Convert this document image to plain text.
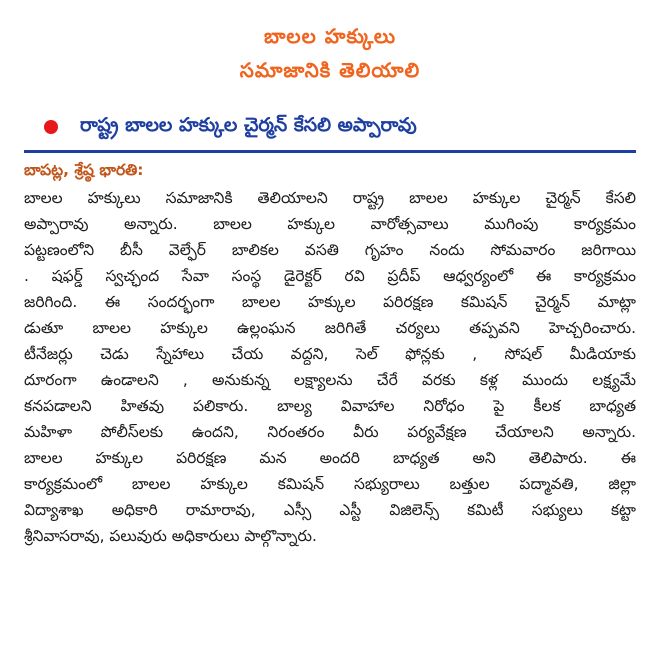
బాలల హక్కులు
సమాజానికి తెలియాలి
రాష్ట్ర బాలల హక్కుల చైర్మన్ కేసలి అప్పారావు
బాపట్ల, శ్రేష్ఠ భారతి:
బాలల హక్కులు సమాజానికి తెలియాలని రాష్ట్ర బాలల హక్కుల చైర్మన్ కేసలి
అప్పారావు అన్నారు. బాలల హక్కుల వారోత్సవాలు ముగింపు కార్యక్రమం
పట్టణంలోని బీసీ వెల్ఫేర్ బాలికల వసతి గృహం నందు సోమవారం జరిగాయి
. షఫర్డ్ స్వచ్ఛంద సేవా సంస్థ డైరెక్టర్ రవి ప్రదీప్ ఆధ్వర్యంలో ఈ కార్యక్రమం
జరిగింది. ఈ సందర్భంగా బాలల హక్కుల పరిరక్షణ కమిషన్ చైర్మన్ మాట్లా
డుతూ బాలల హక్కుల ఉల్లంఘన జరిగితే చర్యలు తప్పవని హెచ్చరించారు.
టీనేజర్లు చెడు స్నేహాలు చేయ వద్దని, సెల్ ఫోన్లకు , సోషల్ మీడియాకు
దూరంగా ఉండాలని , అనుకున్న లక్ష్యాలను చేరే వరకు కళ్ల ముందు లక్ష్యమే
కనపడాలని హితవు పలికారు. బాల్య వివాహాల నిరోధం పై కీలక బాధ్యత
మహిళా పోలీస్‌లకు ఉందని, నిరంతరం వీరు పర్యవేక్షణ చేయాలని అన్నారు.
బాలల హక్కుల పరిరక్షణ మన అందరి బాధ్యత అని తెలిపారు. ఈ
కార్యక్రమంలో బాలల హక్కుల కమిషన్ సభ్యురాలు బత్తుల పద్మావతి, జిల్లా
విద్యాశాఖ అధికారి రామారావు, ఎస్సీ ఎస్టీ విజిలెన్స్ కమిటీ సభ్యులు కట్టా
శ్రీనివాసరావు, పలువురు అధికారులు పాల్గొన్నారు.
